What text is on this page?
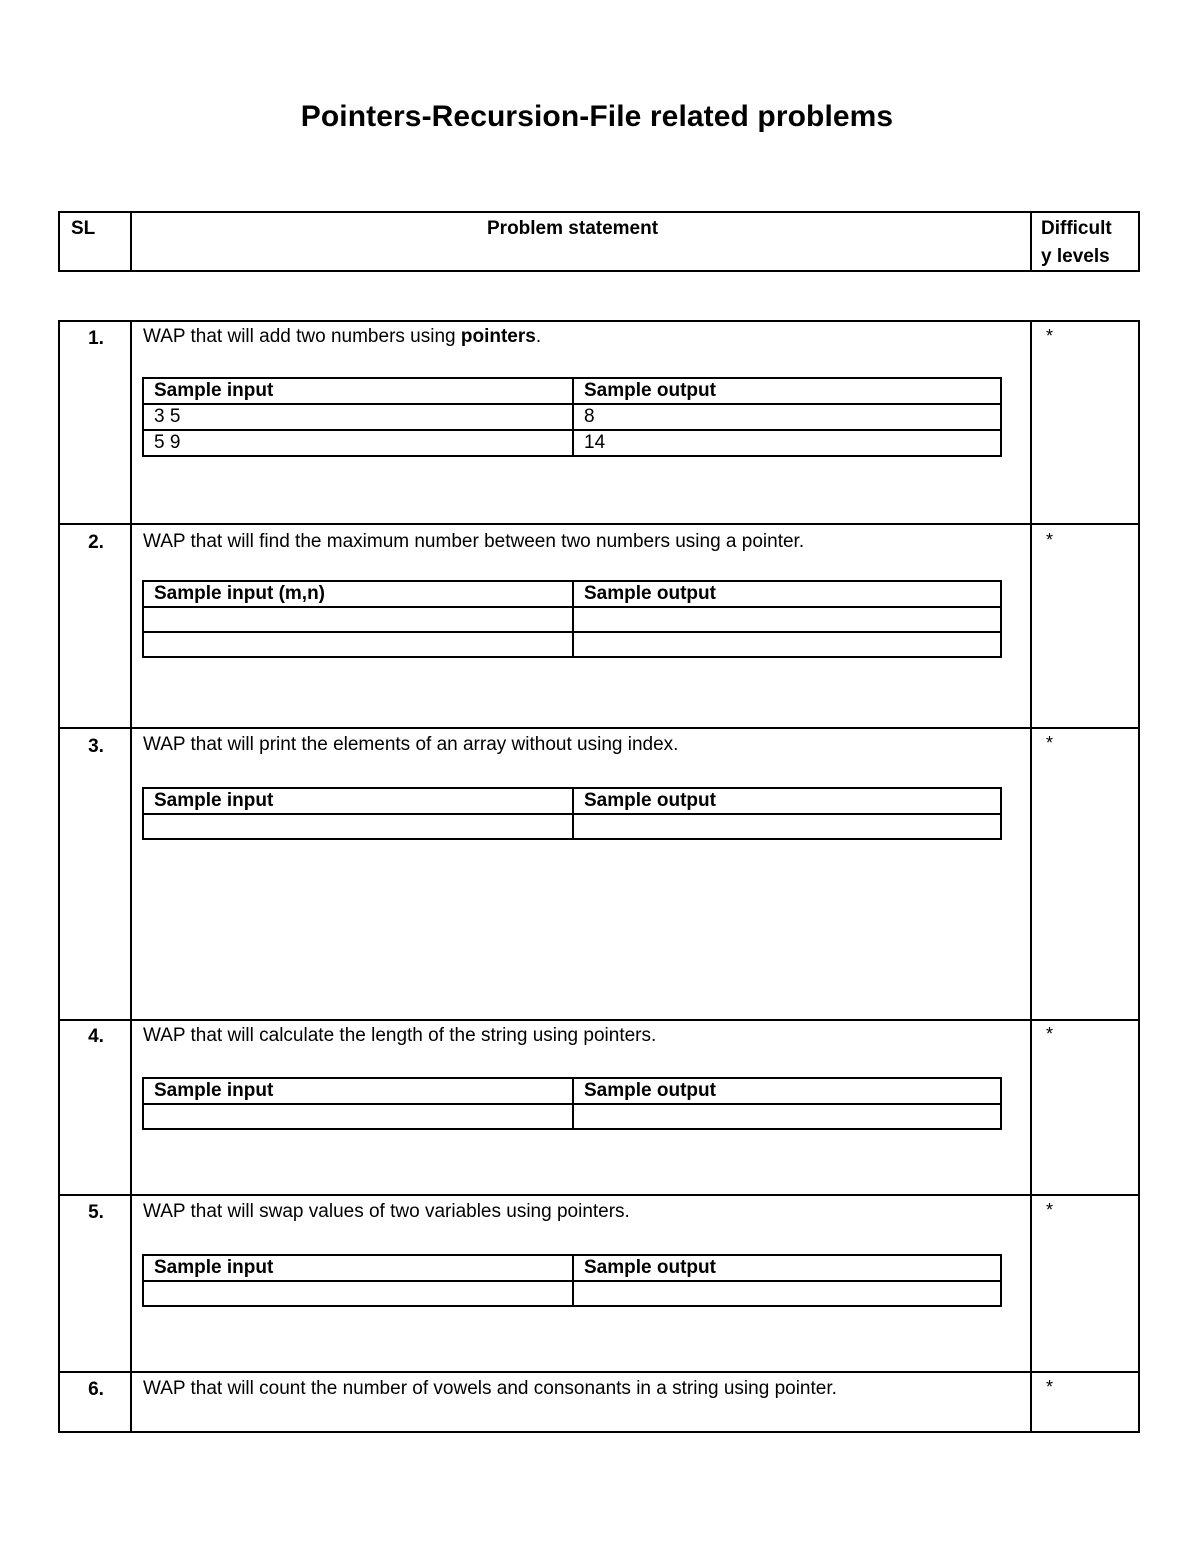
Pointers-Recursion-File related problems
SL	Problem statement	Difficult
y levels
1.	WAP that will add two numbers using pointers.	*
Sample input	Sample output
3 5	8
5 9	14
2.	WAP that will find the maximum number between two numbers using a pointer.	*
Sample input (m,n)	Sample output

3.	WAP that will print the elements of an array without using index.	*
Sample input	Sample output

4.	WAP that will calculate the length of the string using pointers.	*
Sample input	Sample output

5.	WAP that will swap values of two variables using pointers.	*
Sample input	Sample output

6.	WAP that will count the number of vowels and consonants in a string using pointer.	*
